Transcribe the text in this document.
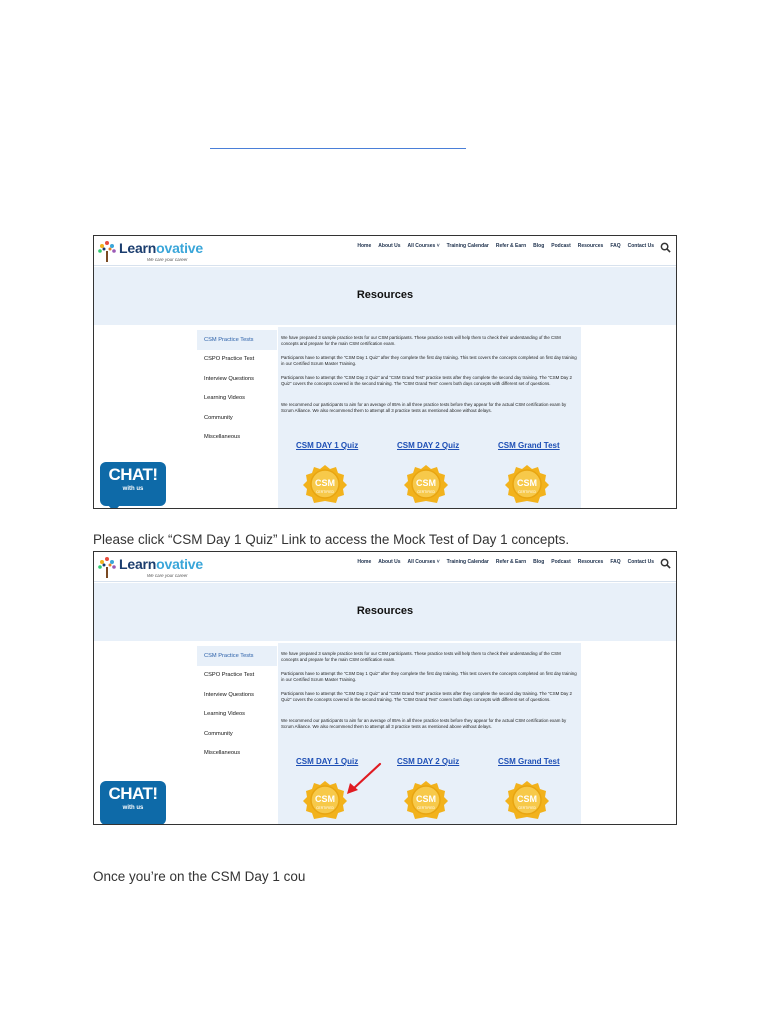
Learnovative
We care your career
Home About Us All Courses ˅ Training Calendar Refer & Earn Blog Podcast Resources FAQ Contact Us
Resources
CSM Practice Tests
CSPO Practice Test
Interview Questions
Learning Videos
Community
Miscellaneous
We have prepared 3 sample practice tests for our CSM participants. These practice tests will help them to check their understanding of the CSM concepts and prepare for the main CSM certification exam.
Participants have to attempt the “CSM Day 1 Quiz” after they complete the first day training. This test covers the concepts completed on first day training in our Certified Scrum Master Training.
Participants have to attempt the “CSM Day 2 Quiz” and “CSM Grand Test” practice tests after they complete the second day training. The “CSM Day 2 Quiz” covers the concepts covered in the second training. The “CSM Grand Test” covers both days concepts with different set of questions.
We recommend our participants to aim for an average of 85% in all three practice tests before they appear for the actual CSM certification exam by Scrum Alliance. We also recommend them to attempt all 3 practice tests as mentioned above without delays.
CSM DAY 1 Quiz	CSM DAY 2 Quiz	CSM Grand Test
CSM
CERTIFIED
CSM
CERTIFIED
CSM
CERTIFIED
CHAT!
with us
Please click “CSM Day 1 Quiz” Link to access the Mock Test of Day 1 concepts.
Learnovative
We care your career
Home About Us All Courses ˅ Training Calendar Refer & Earn Blog Podcast Resources FAQ Contact Us
Resources
CSM Practice Tests
CSPO Practice Test
Interview Questions
Learning Videos
Community
Miscellaneous
We have prepared 3 sample practice tests for our CSM participants. These practice tests will help them to check their understanding of the CSM concepts and prepare for the main CSM certification exam.
Participants have to attempt the “CSM Day 1 Quiz” after they complete the first day training. This test covers the concepts completed on first day training in our Certified Scrum Master Training.
Participants have to attempt the “CSM Day 2 Quiz” and “CSM Grand Test” practice tests after they complete the second day training. The “CSM Day 2 Quiz” covers the concepts covered in the second training. The “CSM Grand Test” covers both days concepts with different set of questions.
We recommend our participants to aim for an average of 85% in all three practice tests before they appear for the actual CSM certification exam by Scrum Alliance. We also recommend them to attempt all 3 practice tests as mentioned above without delays.
CSM DAY 1 Quiz	CSM DAY 2 Quiz	CSM Grand Test
CSM
CERTIFIED
CSM
CERTIFIED
CSM
CERTIFIED
CHAT!
with us
Once you’re on the CSM Day 1 cou
